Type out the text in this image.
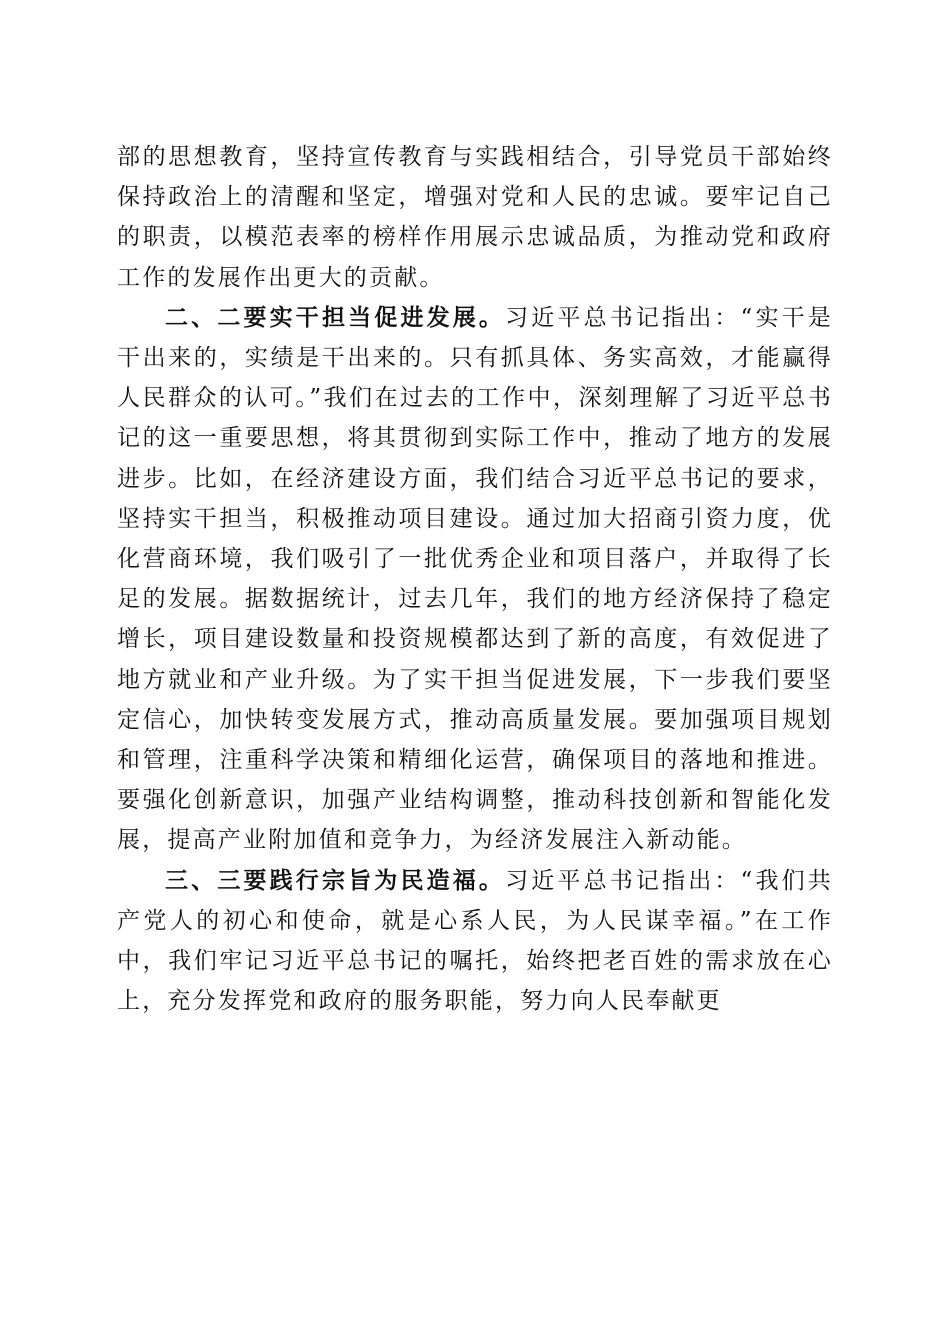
部的思想教育，坚持宣传教育与实践相结合，引导党员干部始终保持政治上的清醒和坚定，增强对党和人民的忠诚。要牢记自己的职责，以模范表率的榜样作用展示忠诚品质，为推动党和政府工作的发展作出更大的贡献。

二、二要实干担当促进发展。习近平总书记指出：“实干是干出来的，实绩是干出来的。只有抓具体、务实高效，才能赢得人民群众的认可。”我们在过去的工作中，深刻理解了习近平总书记的这一重要思想，将其贯彻到实际工作中，推动了地方的发展进步。比如，在经济建设方面，我们结合习近平总书记的要求，坚持实干担当，积极推动项目建设。通过加大招商引资力度，优化营商环境，我们吸引了一批优秀企业和项目落户，并取得了长足的发展。据数据统计，过去几年，我们的地方经济保持了稳定增长，项目建设数量和投资规模都达到了新的高度，有效促进了地方就业和产业升级。为了实干担当促进发展，下一步我们要坚定信心，加快转变发展方式，推动高质量发展。要加强项目规划和管理，注重科学决策和精细化运营，确保项目的落地和推进。要强化创新意识，加强产业结构调整，推动科技创新和智能化发展，提高产业附加值和竞争力，为经济发展注入新动能。

三、三要践行宗旨为民造福。习近平总书记指出：“我们共产党人的初心和使命，就是心系人民，为人民谋幸福。”在工作中，我们牢记习近平总书记的嘱托，始终把老百姓的需求放在心上，充分发挥党和政府的服务职能，努力向人民奉献更
